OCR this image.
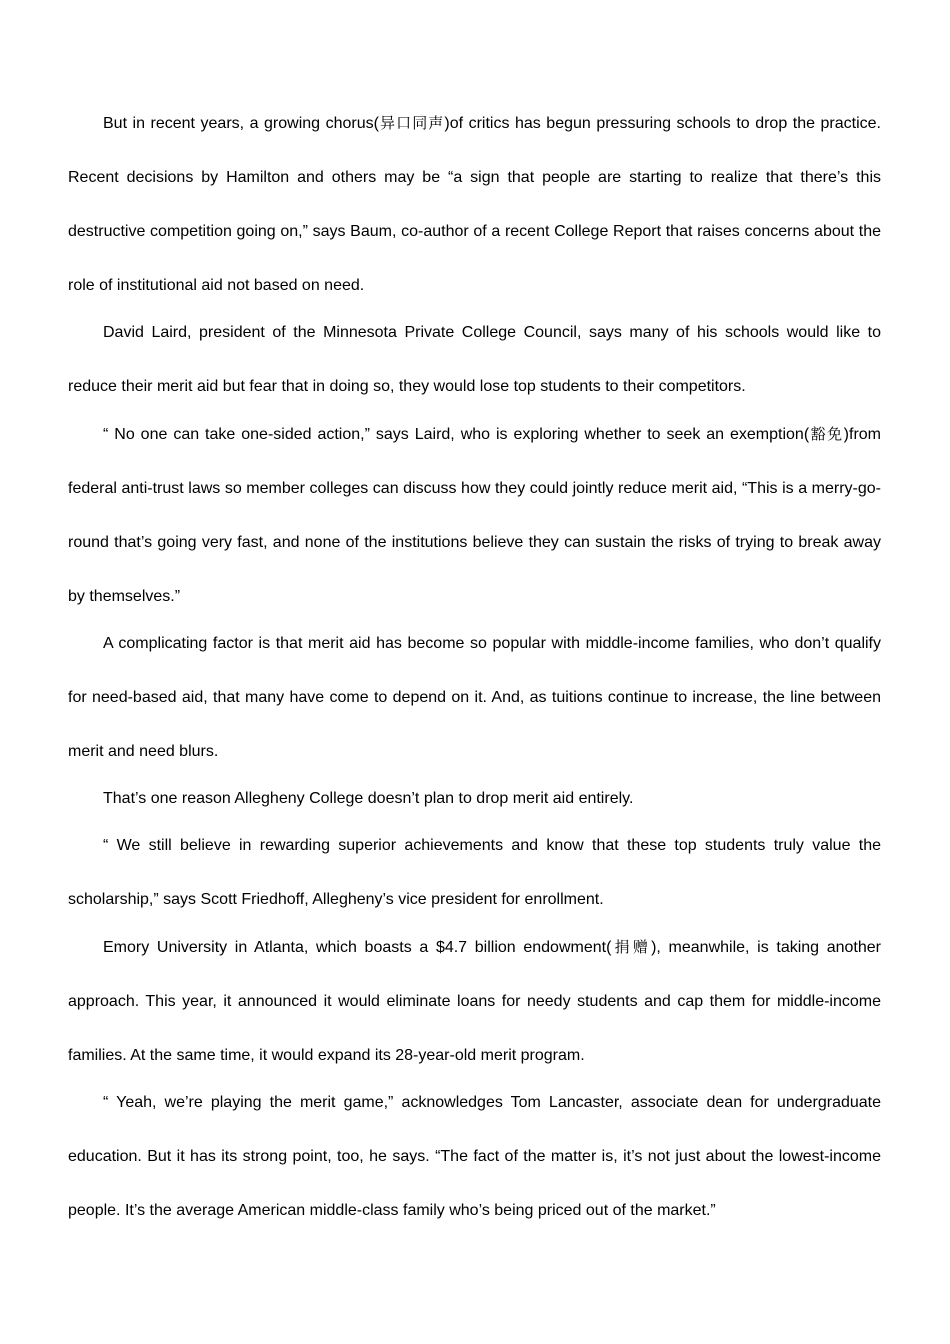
But in recent years, a growing chorus(异口同声)of critics has begun pressuring schools to drop the practice. Recent decisions by Hamilton and others may be “a sign that people are starting to realize that there’s this destructive competition going on,” says Baum, co-author of a recent College Report that raises concerns about the role of institutional aid not based on need.

David Laird, president of the Minnesota Private College Council, says many of his schools would like to reduce their merit aid but fear that in doing so, they would lose top students to their competitors.

“ No one can take one-sided action,” says Laird, who is exploring whether to seek an exemption(豁免)from federal anti-trust laws so member colleges can discuss how they could jointly reduce merit aid, “This is a merry-go-round that’s going very fast, and none of the institutions believe they can sustain the risks of trying to break away by themselves.”

A complicating factor is that merit aid has become so popular with middle-income families, who don’t qualify for need-based aid, that many have come to depend on it. And, as tuitions continue to increase, the line between merit and need blurs.

That’s one reason Allegheny College doesn’t plan to drop merit aid entirely.

“ We still believe in rewarding superior achievements and know that these top students truly value the scholarship,” says Scott Friedhoff, Allegheny’s vice president for enrollment.

Emory University in Atlanta, which boasts a $4.7 billion endowment(捐赠), meanwhile, is taking another approach. This year, it announced it would eliminate loans for needy students and cap them for middle-income families. At the same time, it would expand its 28-year-old merit program.

“ Yeah, we’re playing the merit game,” acknowledges Tom Lancaster, associate dean for undergraduate education. But it has its strong point, too, he says. “The fact of the matter is, it’s not just about the lowest-income people. It’s the average American middle-class family who’s being priced out of the market.”
